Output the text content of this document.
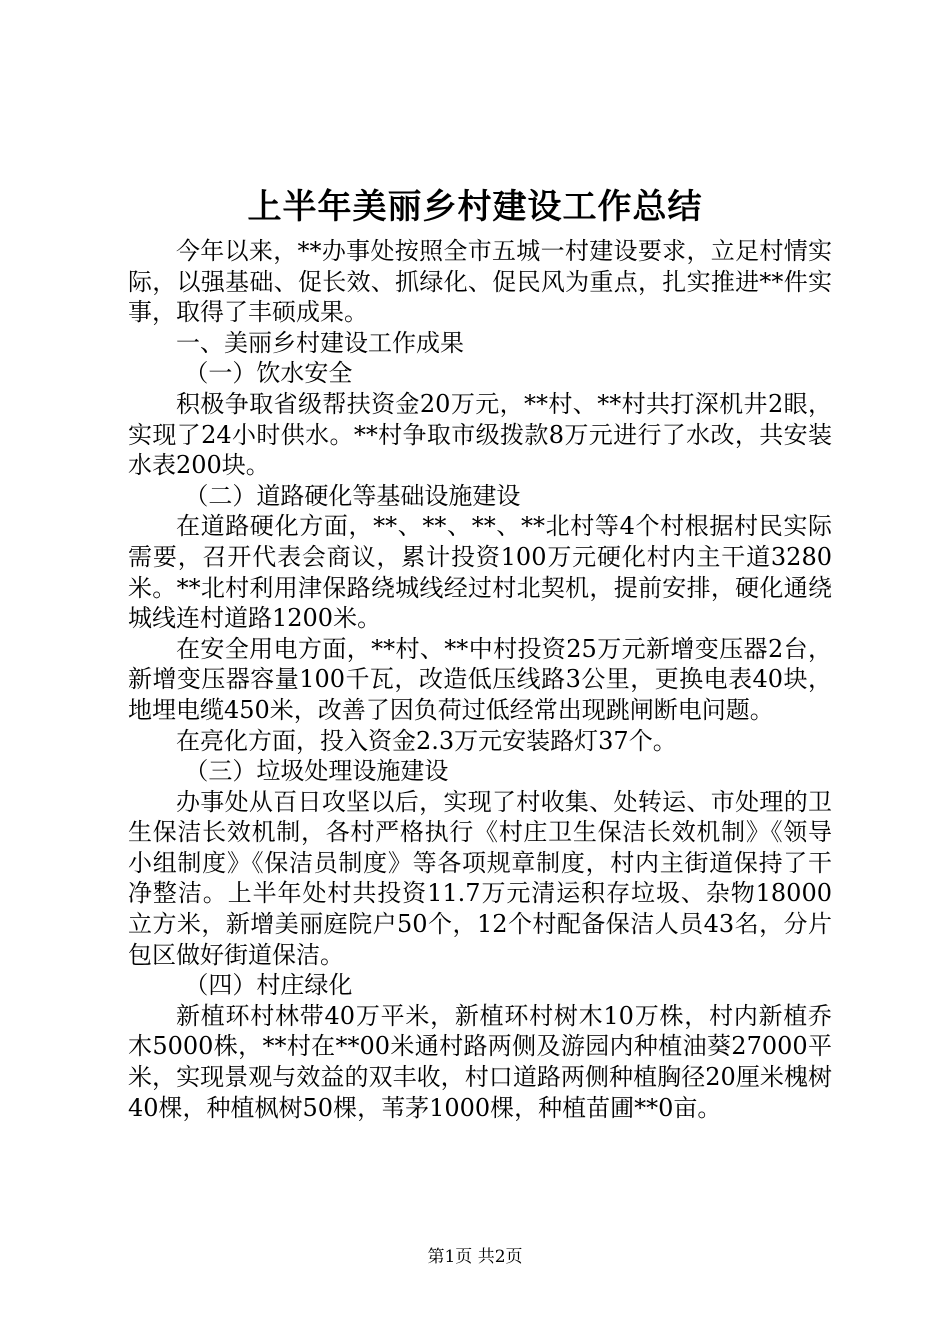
上半年美丽乡村建设工作总结

今年以来，**办事处按照全市五城一村建设要求，立足村情实际，以强基础、促长效、抓绿化、促民风为重点，扎实推进**件实事，取得了丰硕成果。

一、美丽乡村建设工作成果

（一）饮水安全

积极争取省级帮扶资金20万元，**村、**村共打深机井2眼，实现了24小时供水。**村争取市级拨款8万元进行了水改，共安装水表200块。

（二）道路硬化等基础设施建设

在道路硬化方面，**、**、**、**北村等4个村根据村民实际需要，召开代表会商议，累计投资100万元硬化村内主干道3280米。**北村利用津保路绕城线经过村北契机，提前安排，硬化通绕城线连村道路1200米。

在安全用电方面，**村、**中村投资25万元新增变压器2台，新增变压器容量100千瓦，改造低压线路3公里，更换电表40块，地埋电缆450米，改善了因负荷过低经常出现跳闸断电问题。

在亮化方面，投入资金2.3万元安装路灯37个。

（三）垃圾处理设施建设

办事处从百日攻坚以后，实现了村收集、处转运、市处理的卫生保洁长效机制，各村严格执行《村庄卫生保洁长效机制》《领导小组制度》《保洁员制度》等各项规章制度，村内主街道保持了干净整洁。上半年处村共投资11.7万元清运积存垃圾、杂物18000立方米，新增美丽庭院户50个，12个村配备保洁人员43名，分片包区做好街道保洁。

（四）村庄绿化

新植环村林带40万平米，新植环村树木10万株，村内新植乔木5000株，**村在**00米通村路两侧及游园内种植油葵27000平米，实现景观与效益的双丰收，村口道路两侧种植胸径20厘米槐树40棵，种植枫树50棵，苇茅1000棵，种植苗圃**0亩。

第1页 共2页
